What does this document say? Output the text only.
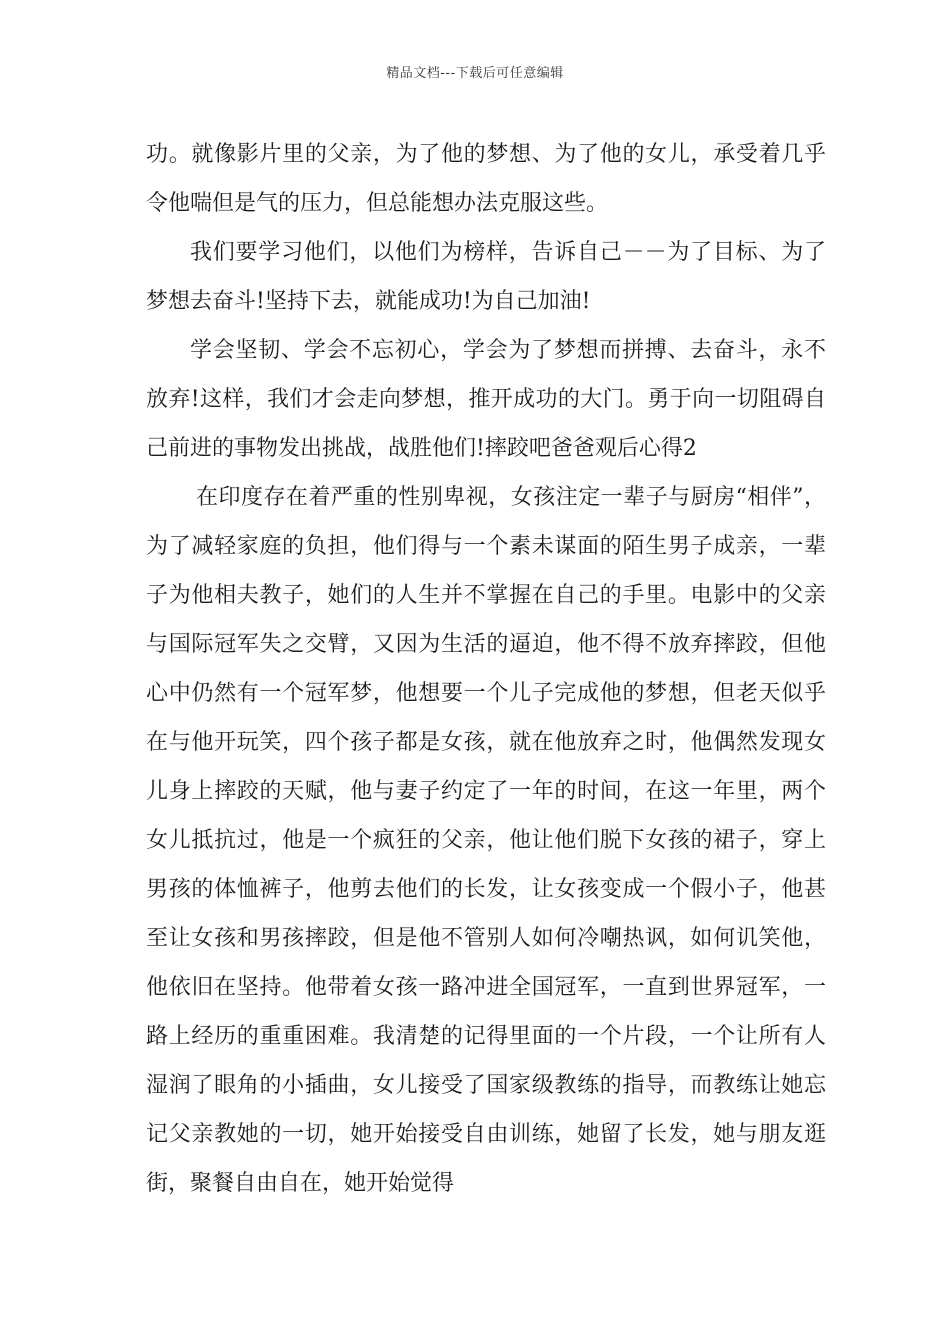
精品文档---下载后可任意编辑

功。就像影片里的父亲，为了他的梦想、为了他的女儿，承受着几乎令他喘但是气的压力，但总能想办法克服这些。

我们要学习他们，以他们为榜样，告诉自己－－为了目标、为了梦想去奋斗!坚持下去，就能成功!为自己加油!

学会坚韧、学会不忘初心，学会为了梦想而拼搏、去奋斗，永不放弃!这样，我们才会走向梦想，推开成功的大门。勇于向一切阻碍自己前进的事物发出挑战，战胜他们!摔跤吧爸爸观后心得2

在印度存在着严重的性别卑视，女孩注定一辈子与厨房“相伴”，为了减轻家庭的负担，他们得与一个素未谋面的陌生男子成亲，一辈子为他相夫教子，她们的人生并不掌握在自己的手里。电影中的父亲与国际冠军失之交臂，又因为生活的逼迫，他不得不放弃摔跤，但他心中仍然有一个冠军梦，他想要一个儿子完成他的梦想，但老天似乎在与他开玩笑，四个孩子都是女孩，就在他放弃之时，他偶然发现女儿身上摔跤的天赋，他与妻子约定了一年的时间，在这一年里，两个女儿抵抗过，他是一个疯狂的父亲，他让他们脱下女孩的裙子，穿上男孩的体恤裤子，他剪去他们的长发，让女孩变成一个假小子，他甚至让女孩和男孩摔跤，但是他不管别人如何冷嘲热讽，如何讥笑他，他依旧在坚持。他带着女孩一路冲进全国冠军，一直到世界冠军，一路上经历的重重困难。我清楚的记得里面的一个片段，一个让所有人湿润了眼角的小插曲，女儿接受了国家级教练的指导，而教练让她忘记父亲教她的一切，她开始接受自由训练，她留了长发，她与朋友逛街，聚餐自由自在，她开始觉得
